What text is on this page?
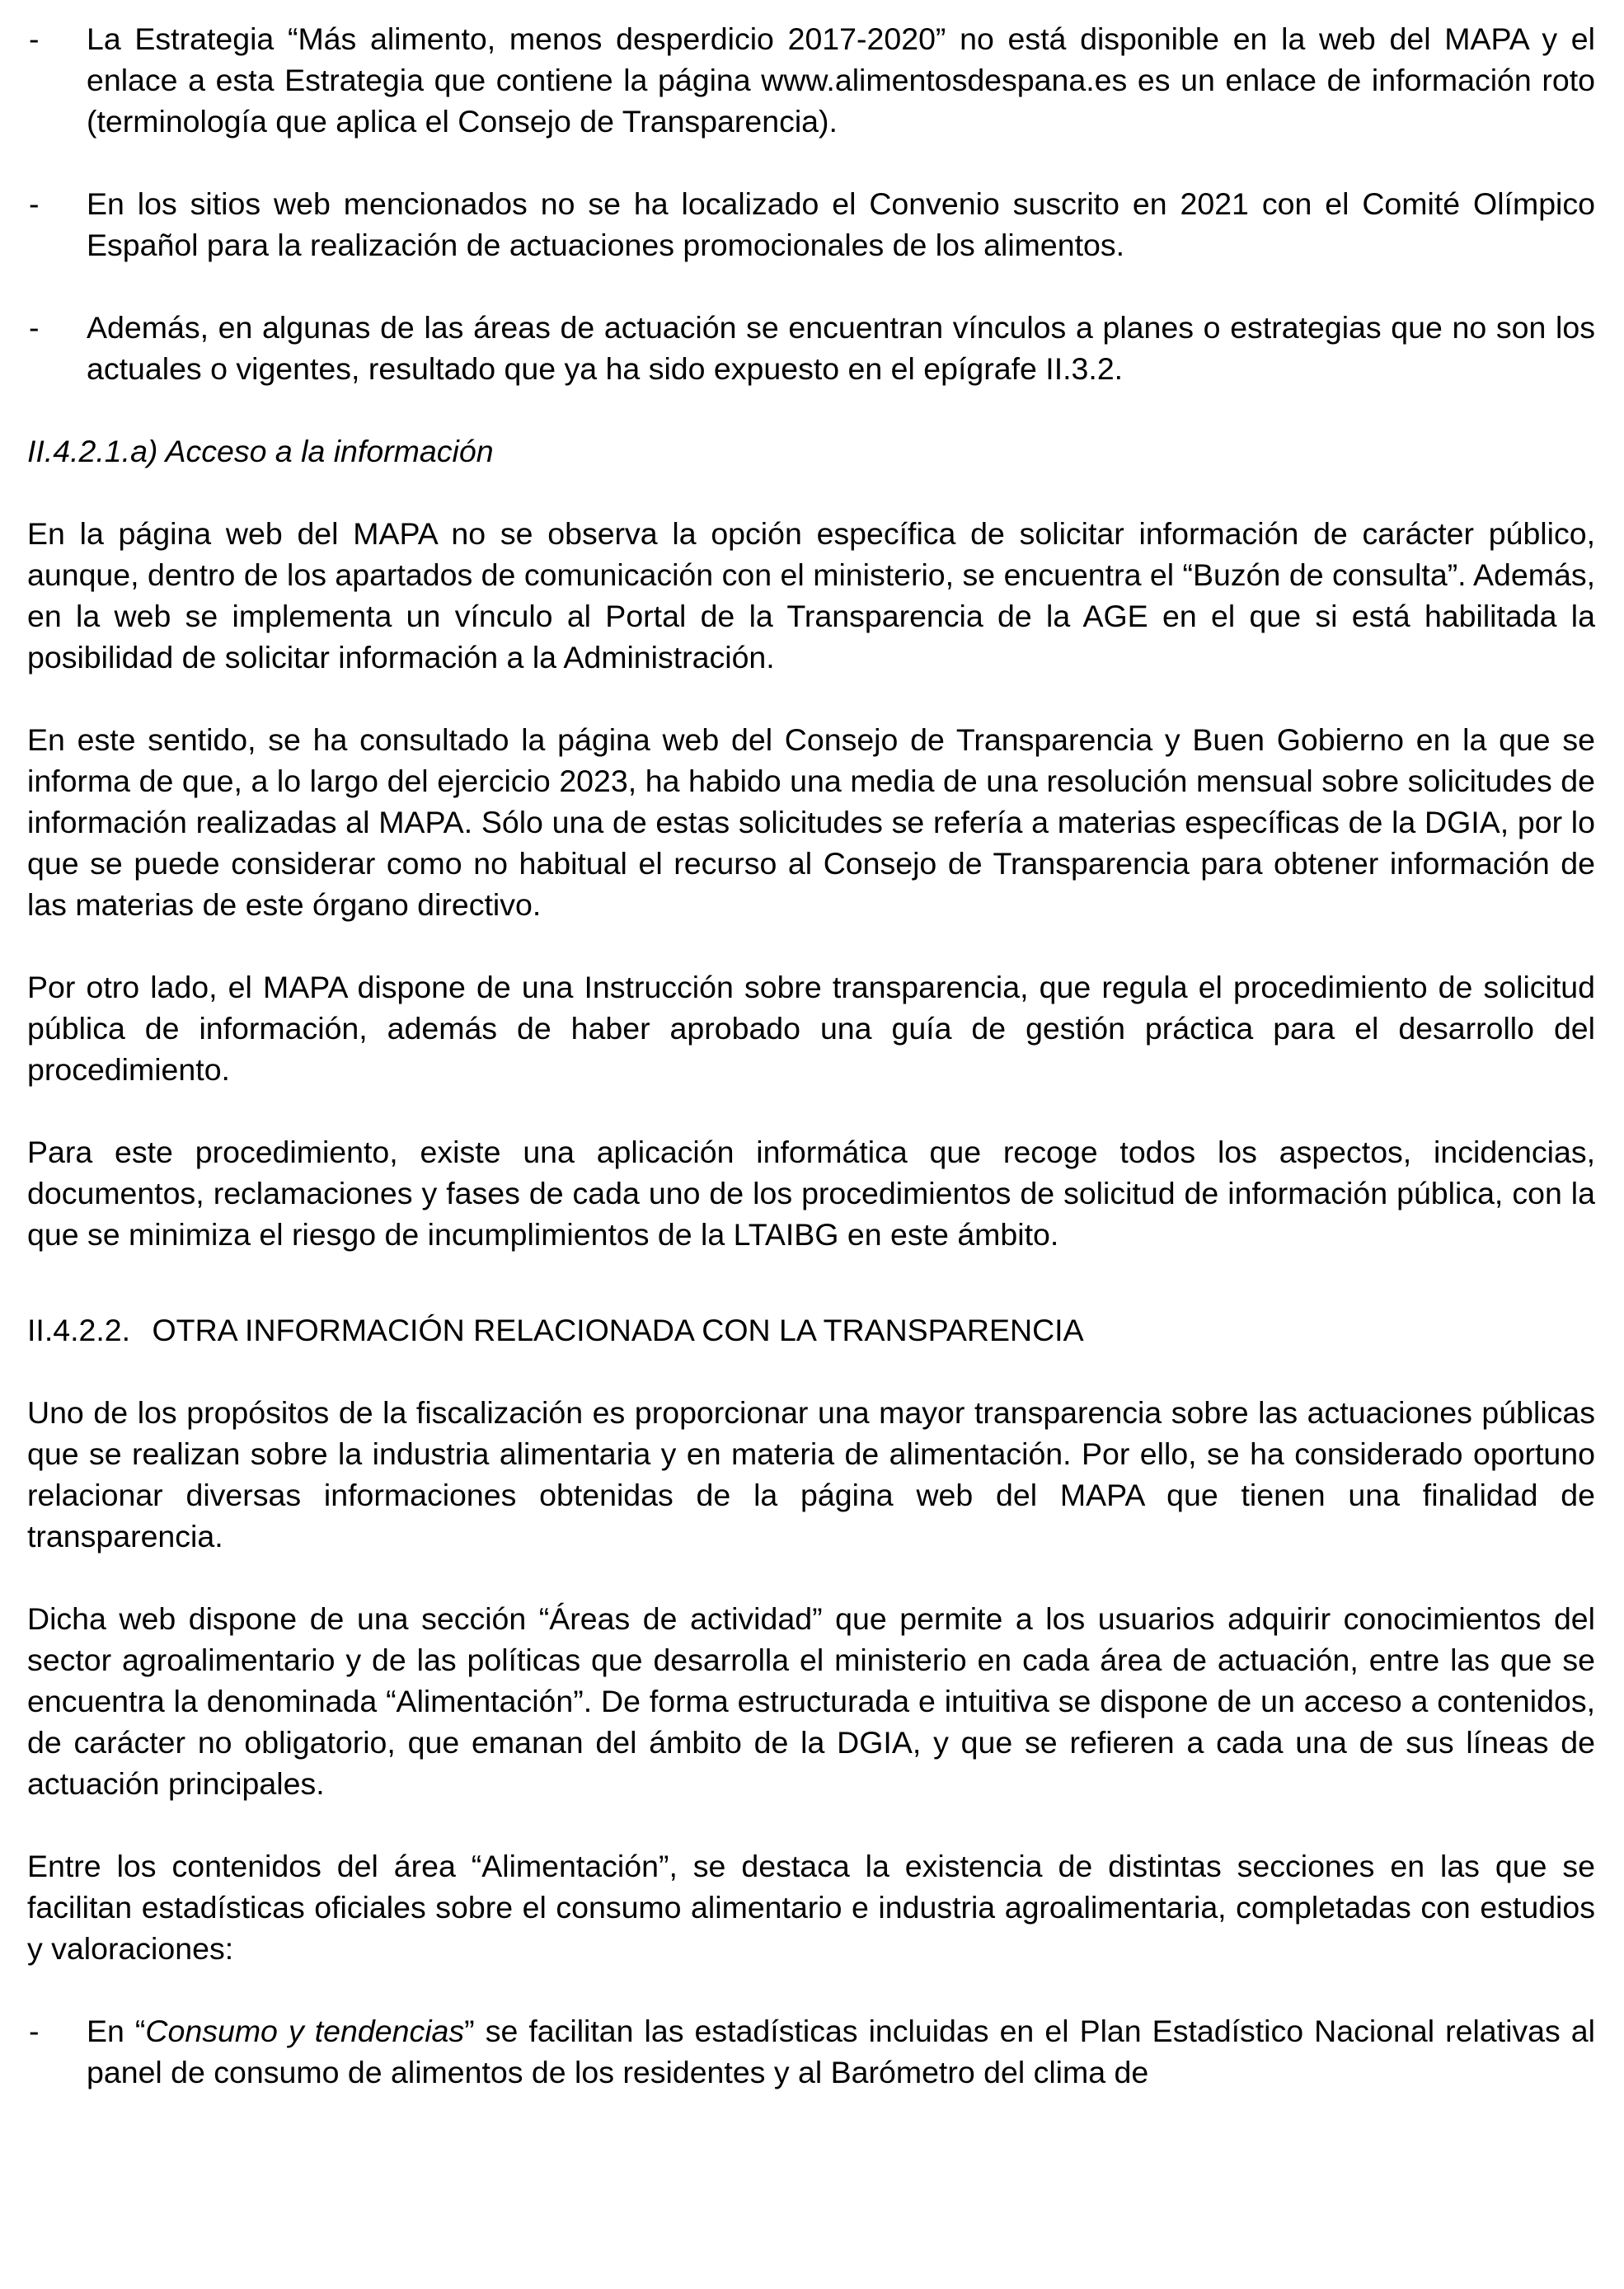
- La Estrategia “Más alimento, menos desperdicio 2017-2020” no está disponible en la web del MAPA y el enlace a esta Estrategia que contiene la página www.alimentosdespana.es es un enlace de información roto (terminología que aplica el Consejo de Transparencia).
- En los sitios web mencionados no se ha localizado el Convenio suscrito en 2021 con el Comité Olímpico Español para la realización de actuaciones promocionales de los alimentos.
- Además, en algunas de las áreas de actuación se encuentran vínculos a planes o estrategias que no son los actuales o vigentes, resultado que ya ha sido expuesto en el epígrafe II.3.2.
II.4.2.1.a) Acceso a la información

En la página web del MAPA no se observa la opción específica de solicitar información de carácter público, aunque, dentro de los apartados de comunicación con el ministerio, se encuentra el “Buzón de consulta”. Además, en la web se implementa un vínculo al Portal de la Transparencia de la AGE en el que si está habilitada la posibilidad de solicitar información a la Administración.

En este sentido, se ha consultado la página web del Consejo de Transparencia y Buen Gobierno en la que se informa de que, a lo largo del ejercicio 2023, ha habido una media de una resolución mensual sobre solicitudes de información realizadas al MAPA. Sólo una de estas solicitudes se refería a materias específicas de la DGIA, por lo que se puede considerar como no habitual el recurso al Consejo de Transparencia para obtener información de las materias de este órgano directivo.

Por otro lado, el MAPA dispone de una Instrucción sobre transparencia, que regula el procedimiento de solicitud pública de información, además de haber aprobado una guía de gestión práctica para el desarrollo del procedimiento.

Para este procedimiento, existe una aplicación informática que recoge todos los aspectos, incidencias, documentos, reclamaciones y fases de cada uno de los procedimientos de solicitud de información pública, con la que se minimiza el riesgo de incumplimientos de la LTAIBG en este ámbito.

II.4.2.2. OTRA INFORMACIÓN RELACIONADA CON LA TRANSPARENCIA

Uno de los propósitos de la fiscalización es proporcionar una mayor transparencia sobre las actuaciones públicas que se realizan sobre la industria alimentaria y en materia de alimentación. Por ello, se ha considerado oportuno relacionar diversas informaciones obtenidas de la página web del MAPA que tienen una finalidad de transparencia.

Dicha web dispone de una sección “Áreas de actividad” que permite a los usuarios adquirir conocimientos del sector agroalimentario y de las políticas que desarrolla el ministerio en cada área de actuación, entre las que se encuentra la denominada “Alimentación”. De forma estructurada e intuitiva se dispone de un acceso a contenidos, de carácter no obligatorio, que emanan del ámbito de la DGIA, y que se refieren a cada una de sus líneas de actuación principales.

Entre los contenidos del área “Alimentación”, se destaca la existencia de distintas secciones en las que se facilitan estadísticas oficiales sobre el consumo alimentario e industria agroalimentaria, completadas con estudios y valoraciones:

- En “Consumo y tendencias” se facilitan las estadísticas incluidas en el Plan Estadístico Nacional relativas al panel de consumo de alimentos de los residentes y al Barómetro del clima de
